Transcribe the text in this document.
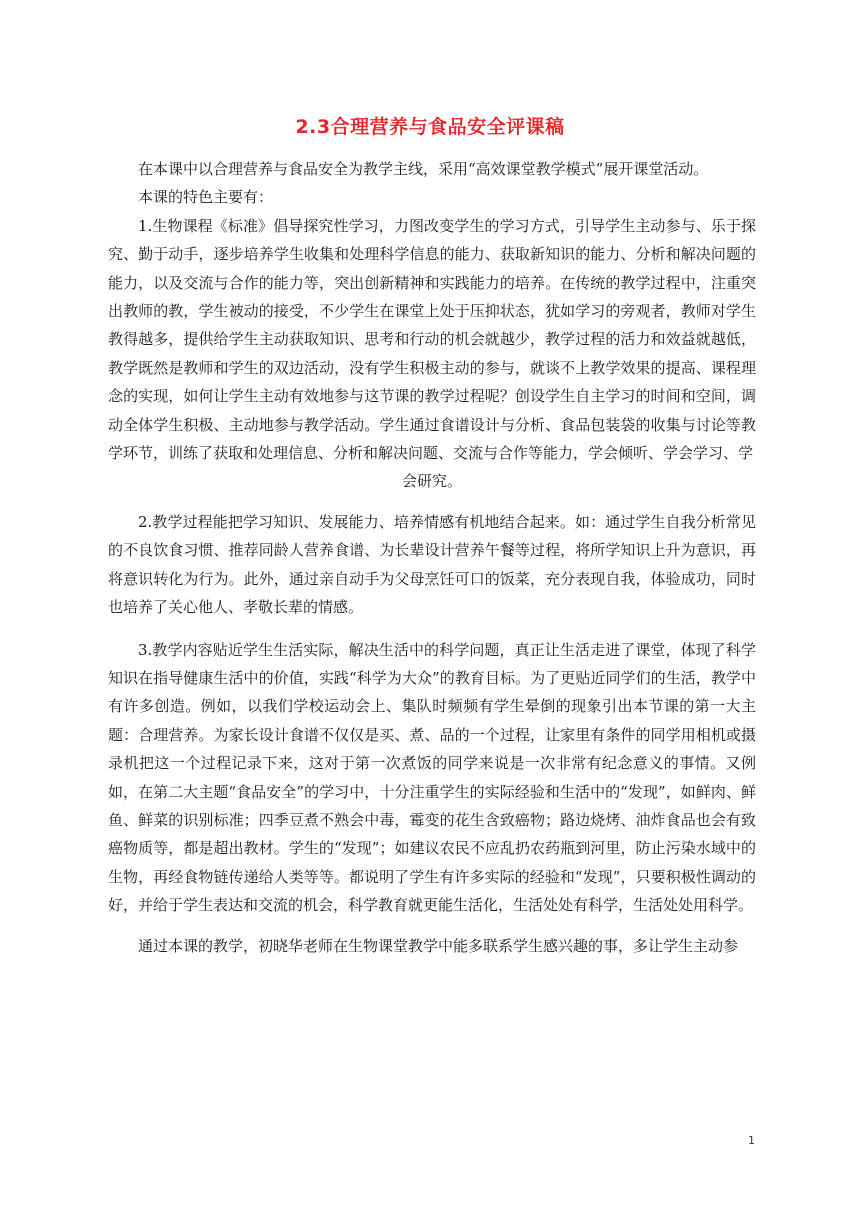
2.3合理营养与食品安全评课稿

在本课中以合理营养与食品安全为教学主线，采用“高效课堂教学模式”展开课堂活动。

本课的特色主要有：

1.生物课程《标准》倡导探究性学习，力图改变学生的学习方式，引导学生主动参与、乐于探究、勤于动手，逐步培养学生收集和处理科学信息的能力、获取新知识的能力、分析和解决问题的能力，以及交流与合作的能力等，突出创新精神和实践能力的培养。在传统的教学过程中，注重突出教师的教，学生被动的接受，不少学生在课堂上处于压抑状态，犹如学习的旁观者，教师对学生教得越多，提供给学生主动获取知识、思考和行动的机会就越少，教学过程的活力和效益就越低，教学既然是教师和学生的双边活动，没有学生积极主动的参与，就谈不上教学效果的提高、课程理念的实现，如何让学生主动有效地参与这节课的教学过程呢？创设学生自主学习的时间和空间，调动全体学生积极、主动地参与教学活动。学生通过食谱设计与分析、食品包装袋的收集与讨论等教学环节，训练了获取和处理信息、分析和解决问题、交流与合作等能力，学会倾听、学会学习、学

会研究。

2.教学过程能把学习知识、发展能力、培养情感有机地结合起来。如：通过学生自我分析常见的不良饮食习惯、推荐同龄人营养食谱、为长辈设计营养午餐等过程，将所学知识上升为意识，再将意识转化为行为。此外，通过亲自动手为父母烹饪可口的饭菜，充分表现自我，体验成功，同时也培养了关心他人、孝敬长辈的情感。

3.教学内容贴近学生生活实际，解决生活中的科学问题，真正让生活走进了课堂，体现了科学知识在指导健康生活中的价值，实践“科学为大众”的教育目标。为了更贴近同学们的生活，教学中有许多创造。例如，以我们学校运动会上、集队时频频有学生晕倒的现象引出本节课的第一大主题：合理营养。为家长设计食谱不仅仅是买、煮、品的一个过程，让家里有条件的同学用相机或摄录机把这一个过程记录下来，这对于第一次煮饭的同学来说是一次非常有纪念意义的事情。又例如，在第二大主题“食品安全”的学习中，十分注重学生的实际经验和生活中的“发现”，如鲜肉、鲜鱼、鲜菜的识别标准；四季豆煮不熟会中毒，霉变的花生含致癌物；路边烧烤、油炸食品也会有致癌物质等，都是超出教材。学生的“发现”；如建议农民不应乱扔农药瓶到河里，防止污染水域中的生物，再经食物链传递给人类等等。都说明了学生有许多实际的经验和“发现”，只要积极性调动的好，并给于学生表达和交流的机会，科学教育就更能生活化，生活处处有科学，生活处处用科学。

通过本课的教学，初晓华老师在生物课堂教学中能多联系学生感兴趣的事，多让学生主动参

1
